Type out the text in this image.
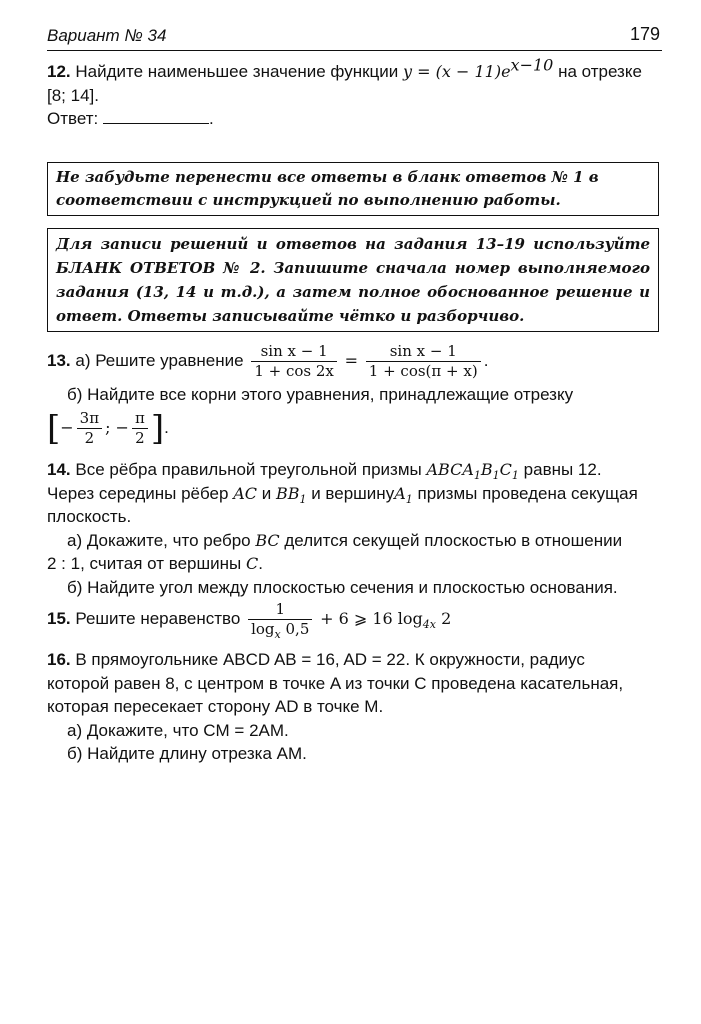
Вариант № 34	179
12. Найдите наименьшее значение функции $y = (x - 11)e^{x-10}$ на отрезке
[8; 14].
Ответ:	.
Не забудьте перенести все ответы в бланк ответов № 1 в соответствии с инструкцией по выполнению работы.
Для записи решений и ответов на задания 13–19 используйте БЛАНК ОТВЕТОВ № 2. Запишите сначала номер выполняемого задания (13, 14 и т.д.), а затем полное обоснованное решение и ответ. Ответы записывайте чётко и разборчиво.
13. а) Решите уравнение $\frac{\text{sin x − 1}}{1 + \cos 2x} = \frac{\text{sin x − 1}}{1 + \cos(\pi + x)}$ .
б) Найдите все корни этого уравнения, принадлежащие отрезку
[− $\frac{3\pi}{2}$ ; − $\frac{\pi}{2}$ ].
14. Все рёбра правильной треугольной призмы $ABCA_1B_1C_1$ равны 12.
Через середины рёбер AC и $BB_1$ и вершинуA$_1$ призмы проведена секущая
плоскость.
а) Докажите, что ребро BC делится секущей плоскостью в отношении
2 : 1, считая от вершины C.
б) Найдите угол между плоскостью сечения и плоскостью основания.
15. Решите неравенство $\frac{1}{\log_x 0,5} + 6$ ⩾ 16 $\log_{4x} 2$
16. В прямоугольнике ABCD AB = 16, AD = 22. К окружности, радиус
которой равен 8, с центром в точке A из точки C проведена касательная,
которая пересекает сторону AD в точке M.
а) Докажите, что CM = 2AM.
б) Найдите длину отрезка AM.
